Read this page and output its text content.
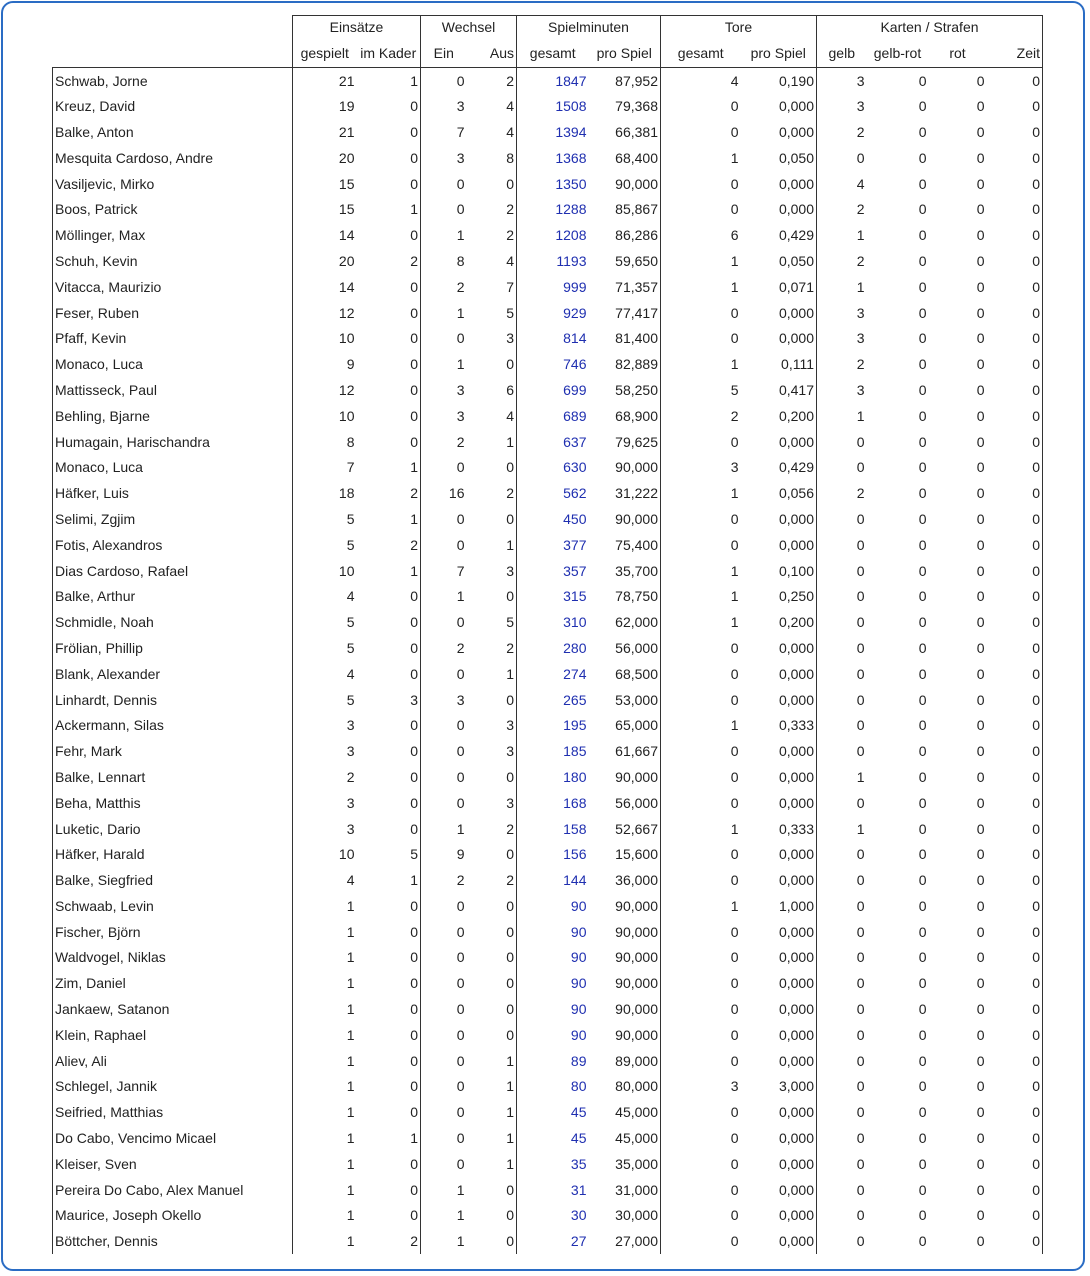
	Einsätze		Wechsel		Spielminuten		Tore		Karten / Strafen			
	gespielt	im Kader	Ein	Aus	gesamt	pro Spiel	gesamt	pro Spiel	gelb	gelb-rot	rot	Zeit
Schwab, Jorne	21	1	0	2	1847	87,952	4	0,190	3	0	0	0
Kreuz, David	19	0	3	4	1508	79,368	0	0,000	3	0	0	0
Balke, Anton	21	0	7	4	1394	66,381	0	0,000	2	0	0	0
Mesquita Cardoso, Andre	20	0	3	8	1368	68,400	1	0,050	0	0	0	0
Vasiljevic, Mirko	15	0	0	0	1350	90,000	0	0,000	4	0	0	0
Boos, Patrick	15	1	0	2	1288	85,867	0	0,000	2	0	0	0
Möllinger, Max	14	0	1	2	1208	86,286	6	0,429	1	0	0	0
Schuh, Kevin	20	2	8	4	1193	59,650	1	0,050	2	0	0	0
Vitacca, Maurizio	14	0	2	7	999	71,357	1	0,071	1	0	0	0
Feser, Ruben	12	0	1	5	929	77,417	0	0,000	3	0	0	0
Pfaff, Kevin	10	0	0	3	814	81,400	0	0,000	3	0	0	0
Monaco, Luca	9	0	1	0	746	82,889	1	0,111	2	0	0	0
Mattisseck, Paul	12	0	3	6	699	58,250	5	0,417	3	0	0	0
Behling, Bjarne	10	0	3	4	689	68,900	2	0,200	1	0	0	0
Humagain, Harischandra	8	0	2	1	637	79,625	0	0,000	0	0	0	0
Monaco, Luca	7	1	0	0	630	90,000	3	0,429	0	0	0	0
Häfker, Luis	18	2	16	2	562	31,222	1	0,056	2	0	0	0
Selimi, Zgjim	5	1	0	0	450	90,000	0	0,000	0	0	0	0
Fotis, Alexandros	5	2	0	1	377	75,400	0	0,000	0	0	0	0
Dias Cardoso, Rafael	10	1	7	3	357	35,700	1	0,100	0	0	0	0
Balke, Arthur	4	0	1	0	315	78,750	1	0,250	0	0	0	0
Schmidle, Noah	5	0	0	5	310	62,000	1	0,200	0	0	0	0
Frölian, Phillip	5	0	2	2	280	56,000	0	0,000	0	0	0	0
Blank, Alexander	4	0	0	1	274	68,500	0	0,000	0	0	0	0
Linhardt, Dennis	5	3	3	0	265	53,000	0	0,000	0	0	0	0
Ackermann, Silas	3	0	0	3	195	65,000	1	0,333	0	0	0	0
Fehr, Mark	3	0	0	3	185	61,667	0	0,000	0	0	0	0
Balke, Lennart	2	0	0	0	180	90,000	0	0,000	1	0	0	0
Beha, Matthis	3	0	0	3	168	56,000	0	0,000	0	0	0	0
Luketic, Dario	3	0	1	2	158	52,667	1	0,333	1	0	0	0
Häfker, Harald	10	5	9	0	156	15,600	0	0,000	0	0	0	0
Balke, Siegfried	4	1	2	2	144	36,000	0	0,000	0	0	0	0
Schwaab, Levin	1	0	0	0	90	90,000	1	1,000	0	0	0	0
Fischer, Björn	1	0	0	0	90	90,000	0	0,000	0	0	0	0
Waldvogel, Niklas	1	0	0	0	90	90,000	0	0,000	0	0	0	0
Zim, Daniel	1	0	0	0	90	90,000	0	0,000	0	0	0	0
Jankaew, Satanon	1	0	0	0	90	90,000	0	0,000	0	0	0	0
Klein, Raphael	1	0	0	0	90	90,000	0	0,000	0	0	0	0
Aliev, Ali	1	0	0	1	89	89,000	0	0,000	0	0	0	0
Schlegel, Jannik	1	0	0	1	80	80,000	3	3,000	0	0	0	0
Seifried, Matthias	1	0	0	1	45	45,000	0	0,000	0	0	0	0
Do Cabo, Vencimo Micael	1	1	0	1	45	45,000	0	0,000	0	0	0	0
Kleiser, Sven	1	0	0	1	35	35,000	0	0,000	0	0	0	0
Pereira Do Cabo, Alex Manuel	1	0	1	0	31	31,000	0	0,000	0	0	0	0
Maurice, Joseph Okello	1	0	1	0	30	30,000	0	0,000	0	0	0	0
Böttcher, Dennis	1	2	1	0	27	27,000	0	0,000	0	0	0	0
